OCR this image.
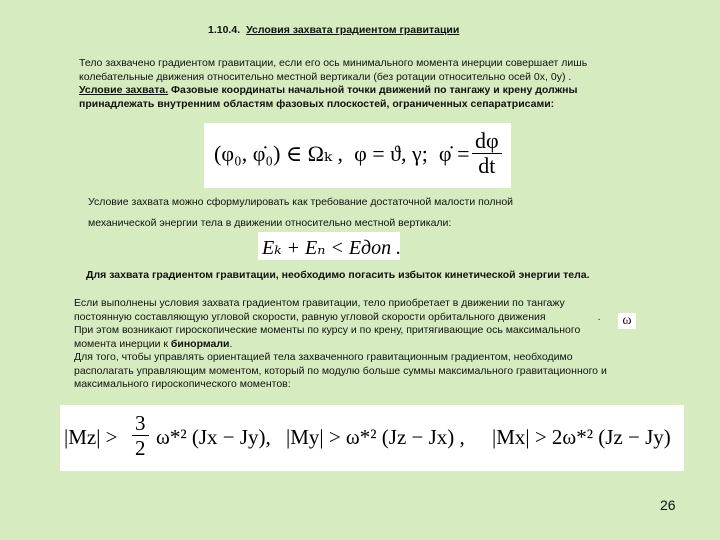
1.10.4. Условия захвата градиентом гравитации
Тело захвачено градиентом гравитации, если его ось минимального момента инерции совершает лишь
колебательные движения относительно местной вертикали (без ротации относительно осей 0x, 0y) .
Условие захвата. Фазовые координаты начальной точки движений по тангажу и крену должны
принадлежать внутренним областям фазовых плоскостей, ограниченных сепаратрисами:
(φ₀, φ̇₀) ∈ Ωₖ , φ = ϑ, γ; φ̇ = $\frac{d\varphi}{dt}$
Условие захвата можно сформулировать как требование достаточной малости полной
механической энергии тела в движении относительно местной вертикали:
Eₖ + Eₙ < Eдоп .
Для захвата градиентом гравитации, необходимо погасить избыток кинетической энергии тела.
Если выполнены условия захвата градиентом гравитации, тело приобретает в движении по тангажу
постоянную составляющую угловой скорости, равную угловой скорости орбитального движения	.
При этом возникают гироскопические моменты по курсу и по крену, притягивающие ось максимального
момента инерции к бинормали.
Для того, чтобы управлять ориентацией тела захваченного гравитационным градиентом, необходимо
располагать управляющим моментом, который по модулю больше суммы максимального гравитационного и
максимального гироскопического моментов:
ω
$|Mz| > \frac{3}{2} \omega*^2$ (Jx − Jy), |My| > ω*² (Jz − Jx) , |Mx| > 2ω*² (Jz − Jy)
26
